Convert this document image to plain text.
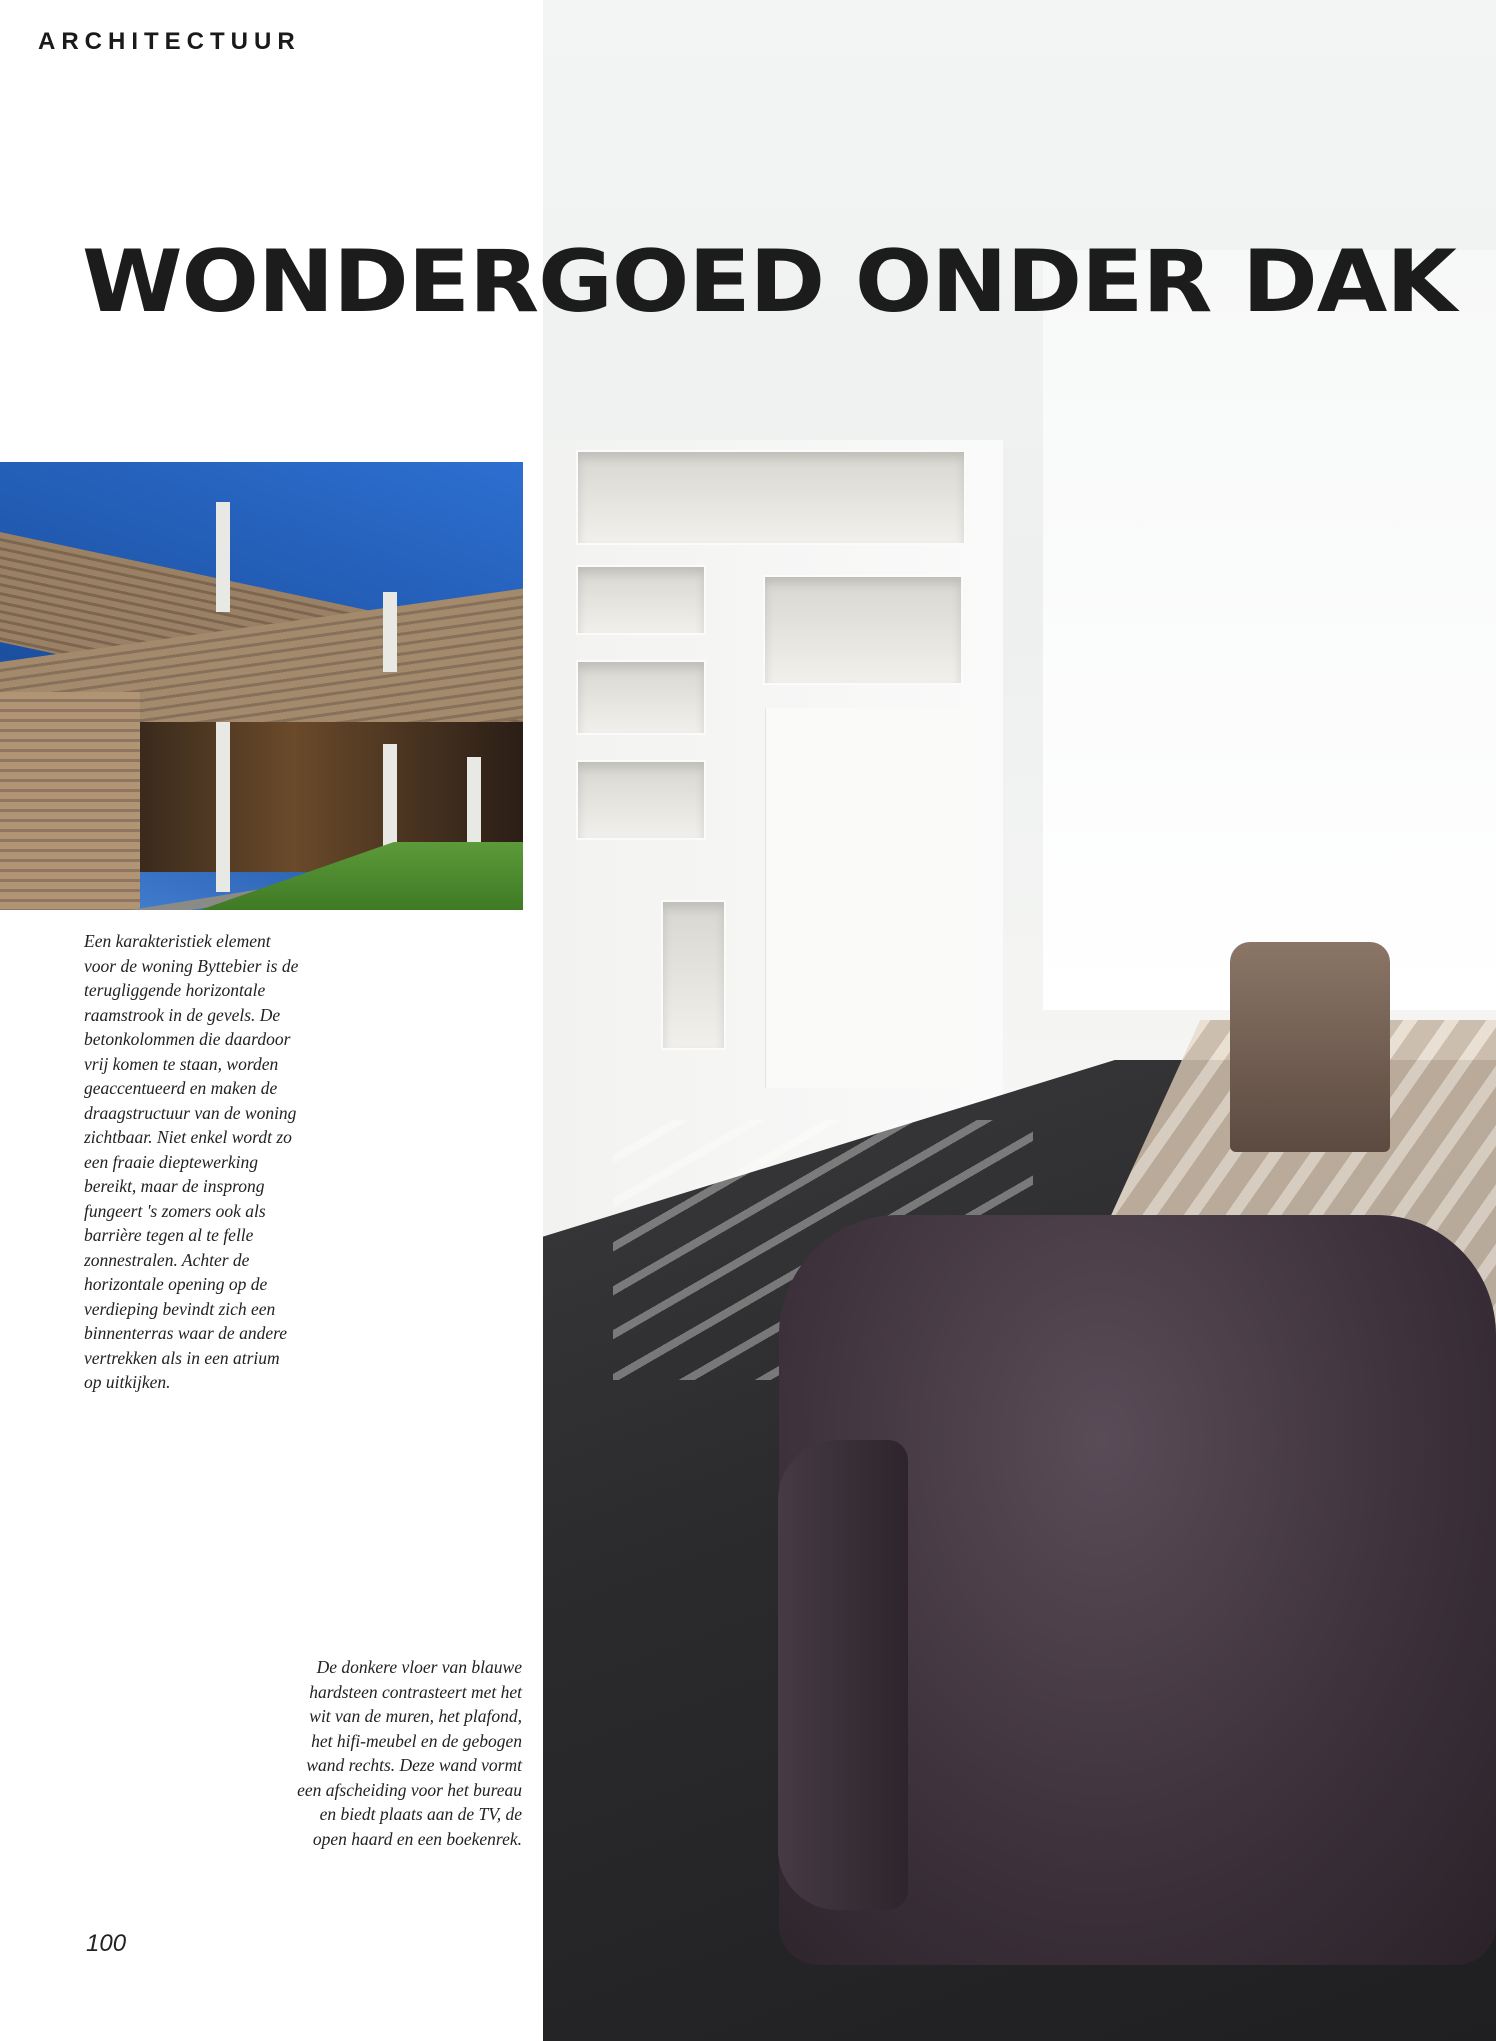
ARCHITECTUUR
WONDERGOED ONDER DAK

Een karakteristiek element voor de woning Byttebier is de terugliggende horizontale raamstrook in de gevels. De betonkolommen die daardoor vrij komen te staan, worden geaccentueerd en maken de draagstructuur van de woning zichtbaar. Niet enkel wordt zo een fraaie dieptewerking bereikt, maar de insprong fungeert 's zomers ook als barrière tegen al te felle zonnestralen. Achter de horizontale opening op de verdieping bevindt zich een binnenterras waar de andere vertrekken als in een atrium op uitkijken.

De donkere vloer van blauwe hardsteen contrasteert met het wit van de muren, het plafond, het hifi-meubel en de gebogen wand rechts. Deze wand vormt een afscheiding voor het bureau en biedt plaats aan de TV, de open haard en een boekenrek.

100
